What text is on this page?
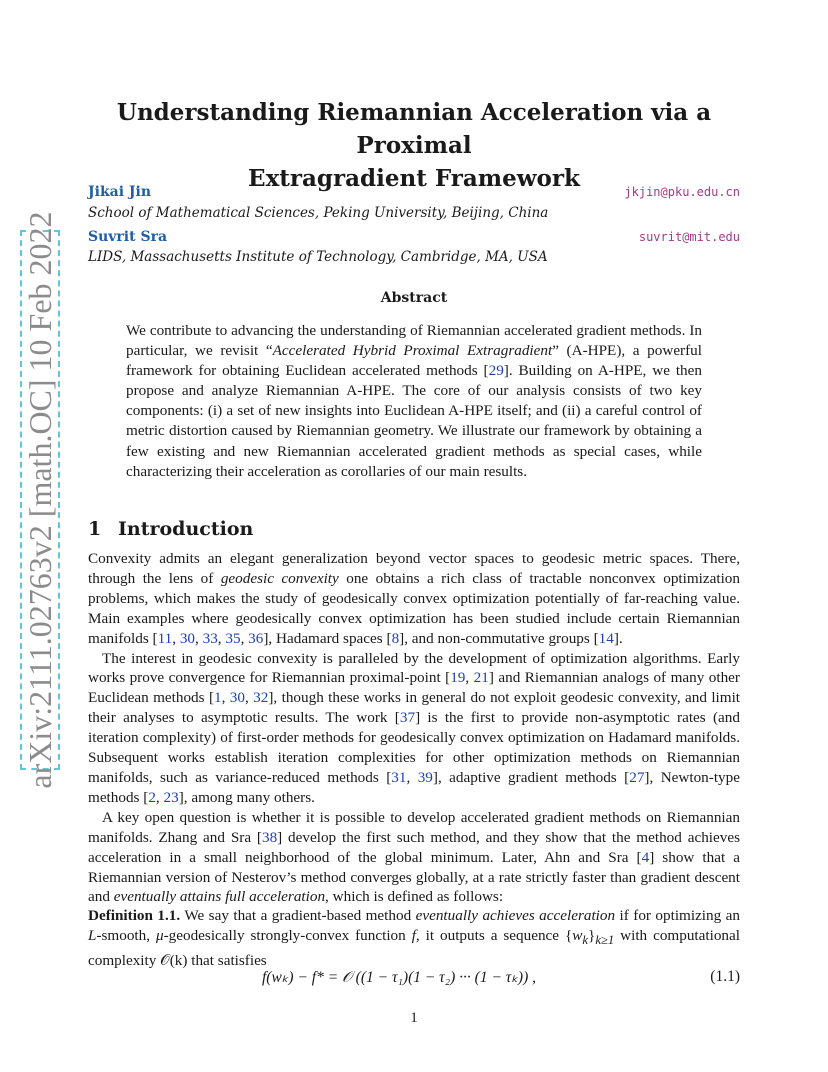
arXiv:2111.02763v2 [math.OC] 10 Feb 2022
Understanding Riemannian Acceleration via a Proximal
Extragradient Framework
Jikai Jin	jkjin@pku.edu.cn
School of Mathematical Sciences, Peking University, Beijing, China
Suvrit Sra	suvrit@mit.edu
LIDS, Massachusetts Institute of Technology, Cambridge, MA, USA
Abstract
We contribute to advancing the understanding of Riemannian accelerated gradient methods. In particular, we revisit “Accelerated Hybrid Proximal Extragradient” (A-HPE), a powerful framework for obtaining Euclidean accelerated methods [29]. Building on A-HPE, we then propose and analyze Riemannian A-HPE. The core of our analysis consists of two key components: (i) a set of new insights into Euclidean A-HPE itself; and (ii) a careful control of metric distortion caused by Riemannian geometry. We illustrate our framework by obtaining a few existing and new Riemannian accelerated gradient methods as special cases, while characterizing their acceleration as corollaries of our main results.
1 Introduction

Convexity admits an elegant generalization beyond vector spaces to geodesic metric spaces. There, through the lens of geodesic convexity one obtains a rich class of tractable nonconvex optimization problems, which makes the study of geodesically convex optimization potentially of far-reaching value. Main examples where geodesically convex optimization has been studied include certain Riemannian manifolds [11, 30, 33, 35, 36], Hadamard spaces [8], and non-commutative groups [14].

The interest in geodesic convexity is paralleled by the development of optimization algorithms. Early works prove convergence for Riemannian proximal-point [19, 21] and Riemannian analogs of many other Euclidean methods [1, 30, 32], though these works in general do not exploit geodesic convexity, and limit their analyses to asymptotic results. The work [37] is the first to provide non-asymptotic rates (and iteration complexity) of first-order methods for geodesically convex optimization on Hadamard manifolds. Subsequent works establish iteration complexities for other optimization methods on Riemannian manifolds, such as variance-reduced methods [31, 39], adaptive gradient methods [27], Newton-type methods [2, 23], among many others.

A key open question is whether it is possible to develop accelerated gradient methods on Riemannian manifolds. Zhang and Sra [38] develop the first such method, and they show that the method achieves acceleration in a small neighborhood of the global minimum. Later, Ahn and Sra [4] show that a Riemannian version of Nesterov’s method converges globally, at a rate strictly faster than gradient descent and eventually attains full acceleration, which is defined as follows:

Definition 1.1. We say that a gradient-based method eventually achieves acceleration if for optimizing an L-smooth, μ-geodesically strongly-convex function f, it outputs a sequence $\{w_k\}_{k\ge 1}$ with computational complexity 𝒪(k) that satisfies
f(wₖ) − f* = 𝒪 ((1 − τ₁)(1 − τ₂) ··· (1 − τₖ)) ,	(1.1)
1
